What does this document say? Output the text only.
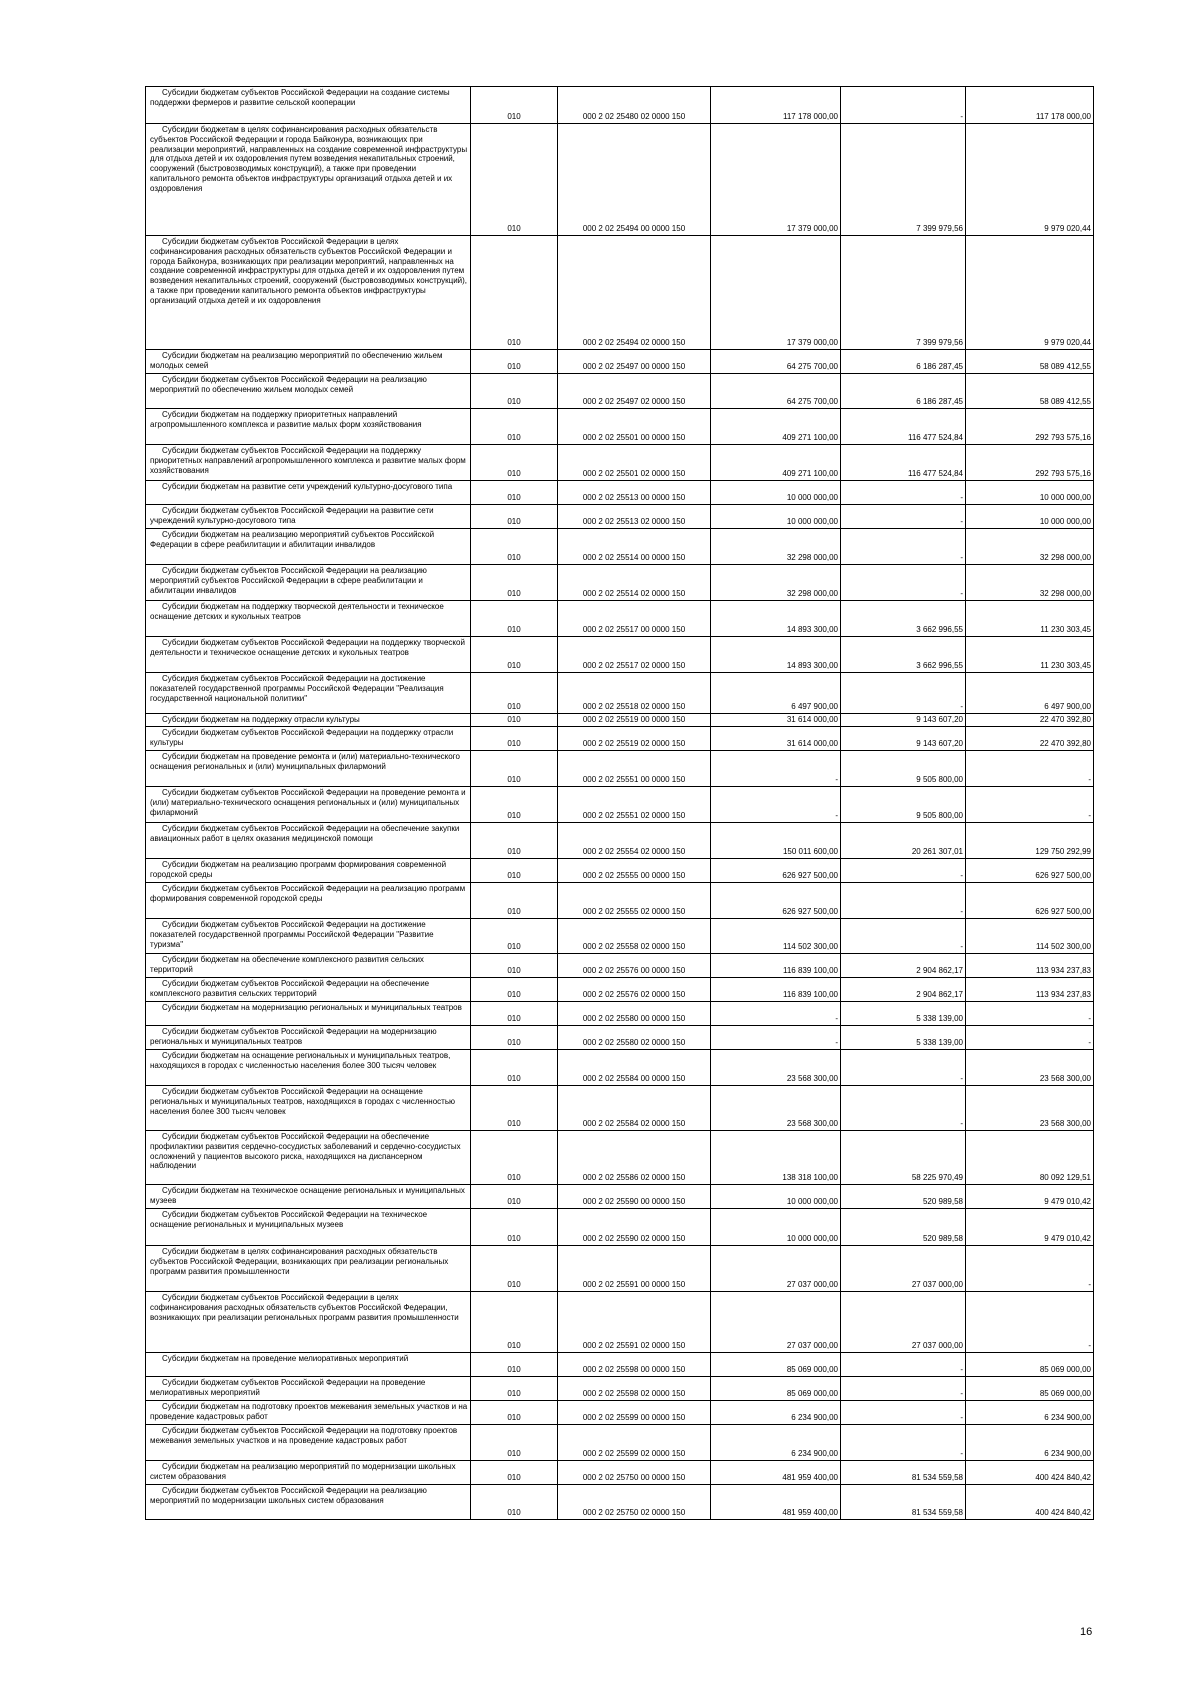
Субсидии бюджетам субъектов Российской Федерации на создание системы поддержки фермеров и развитие сельской кооперации	010	000 2 02 25480 02 0000 150	117 178 000,00	-	117 178 000,00

Субсидии бюджетам в целях софинансирования расходных обязательств субъектов Российской Федерации и города Байконура, возникающих при реализации мероприятий, направленных на создание современной инфраструктуры для отдыха детей и их оздоровления путем возведения некапитальных строений, сооружений (быстровозводимых конструкций), а также при проведении капитального ремонта объектов инфраструктуры организаций отдыха детей и их оздоровления	010	000 2 02 25494 00 0000 150	17 379 000,00	7 399 979,56	9 979 020,44

Субсидии бюджетам субъектов Российской Федерации в целях софинансирования расходных обязательств субъектов Российской Федерации и города Байконура, возникающих при реализации мероприятий, направленных на создание современной инфраструктуры для отдыха детей и их оздоровления путем возведения некапитальных строений, сооружений (быстровозводимых конструкций), а также при проведении капитального ремонта объектов инфраструктуры организаций отдыха детей и их оздоровления	010	000 2 02 25494 02 0000 150	17 379 000,00	7 399 979,56	9 979 020,44

Субсидии бюджетам на реализацию мероприятий по обеспечению жильем молодых семей	010	000 2 02 25497 00 0000 150	64 275 700,00	6 186 287,45	58 089 412,55

Субсидии бюджетам субъектов Российской Федерации на реализацию мероприятий по обеспечению жильем молодых семей	010	000 2 02 25497 02 0000 150	64 275 700,00	6 186 287,45	58 089 412,55

Субсидии бюджетам на поддержку приоритетных направлений агропромышленного комплекса и развитие малых форм хозяйствования	010	000 2 02 25501 00 0000 150	409 271 100,00	116 477 524,84	292 793 575,16

Субсидии бюджетам субъектов Российской Федерации на поддержку приоритетных направлений агропромышленного комплекса и развитие малых форм хозяйствования	010	000 2 02 25501 02 0000 150	409 271 100,00	116 477 524,84	292 793 575,16

Субсидии бюджетам на развитие сети учреждений культурно-досугового типа	010	000 2 02 25513 00 0000 150	10 000 000,00	-	10 000 000,00

Субсидии бюджетам субъектов Российской Федерации на развитие сети учреждений культурно-досугового типа	010	000 2 02 25513 02 0000 150	10 000 000,00	-	10 000 000,00

Субсидии бюджетам на реализацию мероприятий субъектов Российской Федерации в сфере реабилитации и абилитации инвалидов	010	000 2 02 25514 00 0000 150	32 298 000,00	-	32 298 000,00

Субсидии бюджетам субъектов Российской Федерации на реализацию мероприятий субъектов Российской Федерации в сфере реабилитации и абилитации инвалидов	010	000 2 02 25514 02 0000 150	32 298 000,00	-	32 298 000,00

Субсидии бюджетам на поддержку творческой деятельности и техническое оснащение детских и кукольных театров	010	000 2 02 25517 00 0000 150	14 893 300,00	3 662 996,55	11 230 303,45

Субсидии бюджетам субъектов Российской Федерации на поддержку творческой деятельности и техническое оснащение детских и кукольных театров	010	000 2 02 25517 02 0000 150	14 893 300,00	3 662 996,55	11 230 303,45

Субсидия бюджетам субъектов Российской Федерации на достижение показателей государственной программы Российской Федерации "Реализация государственной национальной политики"	010	000 2 02 25518 02 0000 150	6 497 900,00	-	6 497 900,00

Субсидии бюджетам на поддержку отрасли культуры	010	000 2 02 25519 00 0000 150	31 614 000,00	9 143 607,20	22 470 392,80

Субсидии бюджетам субъектов Российской Федерации на поддержку отрасли культуры	010	000 2 02 25519 02 0000 150	31 614 000,00	9 143 607,20	22 470 392,80

Субсидии бюджетам на проведение ремонта и (или) материально-технического оснащения региональных и (или) муниципальных филармоний	010	000 2 02 25551 00 0000 150	-	9 505 800,00	-

Субсидии бюджетам субъектов Российской Федерации на проведение ремонта и (или) материально-технического оснащения региональных и (или) муниципальных филармоний	010	000 2 02 25551 02 0000 150	-	9 505 800,00	-

Субсидии бюджетам субъектов Российской Федерации на обеспечение закупки авиационных работ в целях оказания медицинской помощи	010	000 2 02 25554 02 0000 150	150 011 600,00	20 261 307,01	129 750 292,99

Субсидии бюджетам на реализацию программ формирования современной городской среды	010	000 2 02 25555 00 0000 150	626 927 500,00	-	626 927 500,00

Субсидии бюджетам субъектов Российской Федерации на реализацию программ формирования современной городской среды	010	000 2 02 25555 02 0000 150	626 927 500,00	-	626 927 500,00

Субсидии бюджетам субъектов Российской Федерации на достижение показателей государственной программы Российской Федерации "Развитие туризма"	010	000 2 02 25558 02 0000 150	114 502 300,00	-	114 502 300,00

Субсидии бюджетам на обеспечение комплексного развития сельских территорий	010	000 2 02 25576 00 0000 150	116 839 100,00	2 904 862,17	113 934 237,83

Субсидии бюджетам субъектов Российской Федерации на обеспечение комплексного развития сельских территорий	010	000 2 02 25576 02 0000 150	116 839 100,00	2 904 862,17	113 934 237,83

Субсидии бюджетам на модернизацию региональных и муниципальных театров	010	000 2 02 25580 00 0000 150	-	5 338 139,00	-

Субсидии бюджетам субъектов Российской Федерации на модернизацию региональных и муниципальных театров	010	000 2 02 25580 02 0000 150	-	5 338 139,00	-

Субсидии бюджетам на оснащение региональных и муниципальных театров, находящихся в городах с численностью населения более 300 тысяч человек	010	000 2 02 25584 00 0000 150	23 568 300,00	-	23 568 300,00

Субсидии бюджетам субъектов Российской Федерации на оснащение региональных и муниципальных театров, находящихся в городах с численностью населения более 300 тысяч человек	010	000 2 02 25584 02 0000 150	23 568 300,00	-	23 568 300,00

Субсидии бюджетам субъектов Российской Федерации на обеспечение профилактики развития сердечно-сосудистых заболеваний и сердечно-сосудистых осложнений у пациентов высокого риска, находящихся на диспансерном наблюдении	010	000 2 02 25586 02 0000 150	138 318 100,00	58 225 970,49	80 092 129,51

Субсидии бюджетам на техническое оснащение региональных и муниципальных музеев	010	000 2 02 25590 00 0000 150	10 000 000,00	520 989,58	9 479 010,42

Субсидии бюджетам субъектов Российской Федерации на техническое оснащение региональных и муниципальных музеев	010	000 2 02 25590 02 0000 150	10 000 000,00	520 989,58	9 479 010,42

Субсидии бюджетам в целях софинансирования расходных обязательств субъектов Российской Федерации, возникающих при реализации региональных программ развития промышленности	010	000 2 02 25591 00 0000 150	27 037 000,00	27 037 000,00	-

Субсидии бюджетам субъектов Российской Федерации в целях софинансирования расходных обязательств субъектов Российской Федерации, возникающих при реализации региональных программ развития промышленности	010	000 2 02 25591 02 0000 150	27 037 000,00	27 037 000,00	-

Субсидии бюджетам на проведение мелиоративных мероприятий	010	000 2 02 25598 00 0000 150	85 069 000,00	-	85 069 000,00

Субсидии бюджетам субъектов Российской Федерации на проведение мелиоративных мероприятий	010	000 2 02 25598 02 0000 150	85 069 000,00	-	85 069 000,00

Субсидии бюджетам на подготовку проектов межевания земельных участков и на проведение кадастровых работ	010	000 2 02 25599 00 0000 150	6 234 900,00	-	6 234 900,00

Субсидии бюджетам субъектов Российской Федерации на подготовку проектов межевания земельных участков и на проведение кадастровых работ	010	000 2 02 25599 02 0000 150	6 234 900,00	-	6 234 900,00

Субсидии бюджетам на реализацию мероприятий по модернизации школьных систем образования	010	000 2 02 25750 00 0000 150	481 959 400,00	81 534 559,58	400 424 840,42

Субсидии бюджетам субъектов Российской Федерации на реализацию мероприятий по модернизации школьных систем образования	010	000 2 02 25750 02 0000 150	481 959 400,00	81 534 559,58	400 424 840,42
16
